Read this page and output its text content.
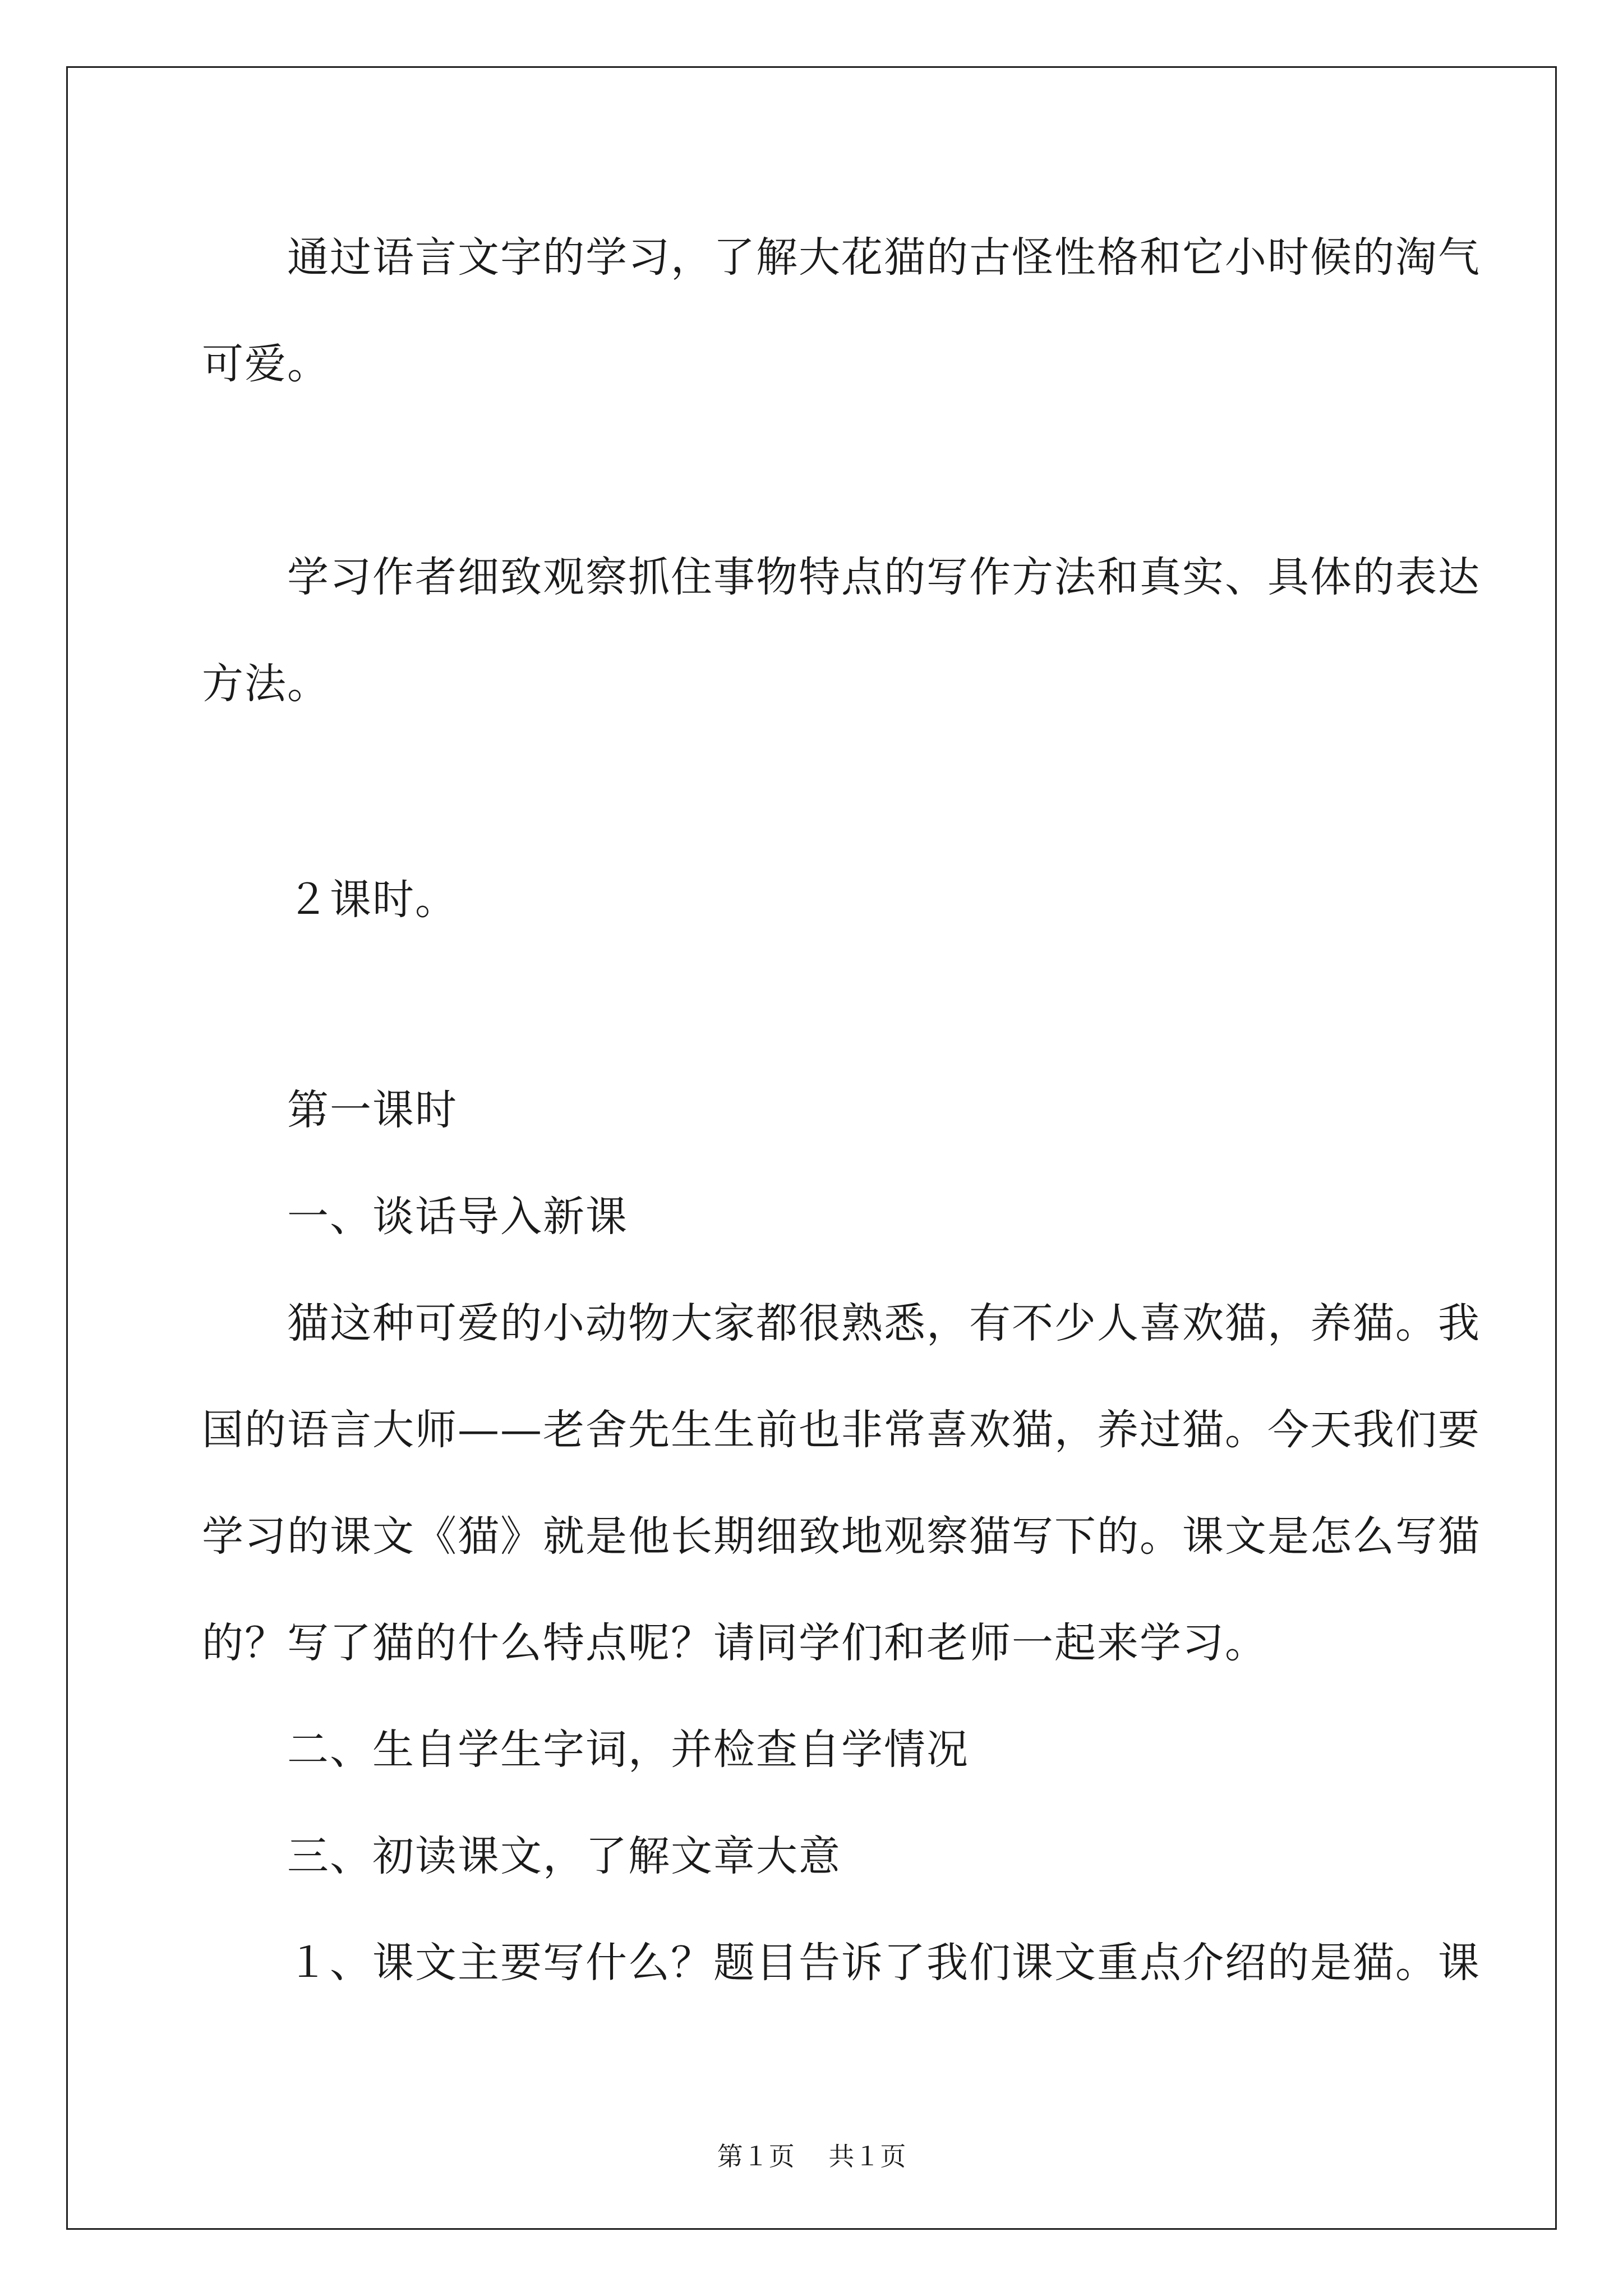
　　通过语言文字的学习，了解大花猫的古怪性格和它小时候的淘气
可爱。
　　学习作者细致观察抓住事物特点的写作方法和真实、具体的表达
方法。
　　２课时。
　　第一课时
　　一、谈话导入新课
　　猫这种可爱的小动物大家都很熟悉，有不少人喜欢猫，养猫。我
国的语言大师——老舍先生生前也非常喜欢猫，养过猫。今天我们要
学习的课文《猫》就是他长期细致地观察猫写下的。课文是怎么写猫
的？写了猫的什么特点呢？请同学们和老师一起来学习。
　　二、生自学生字词，并检查自学情况
　　三、初读课文，了解文章大意
　　１、课文主要写什么？题目告诉了我们课文重点介绍的是猫。课
第１页 共１页
